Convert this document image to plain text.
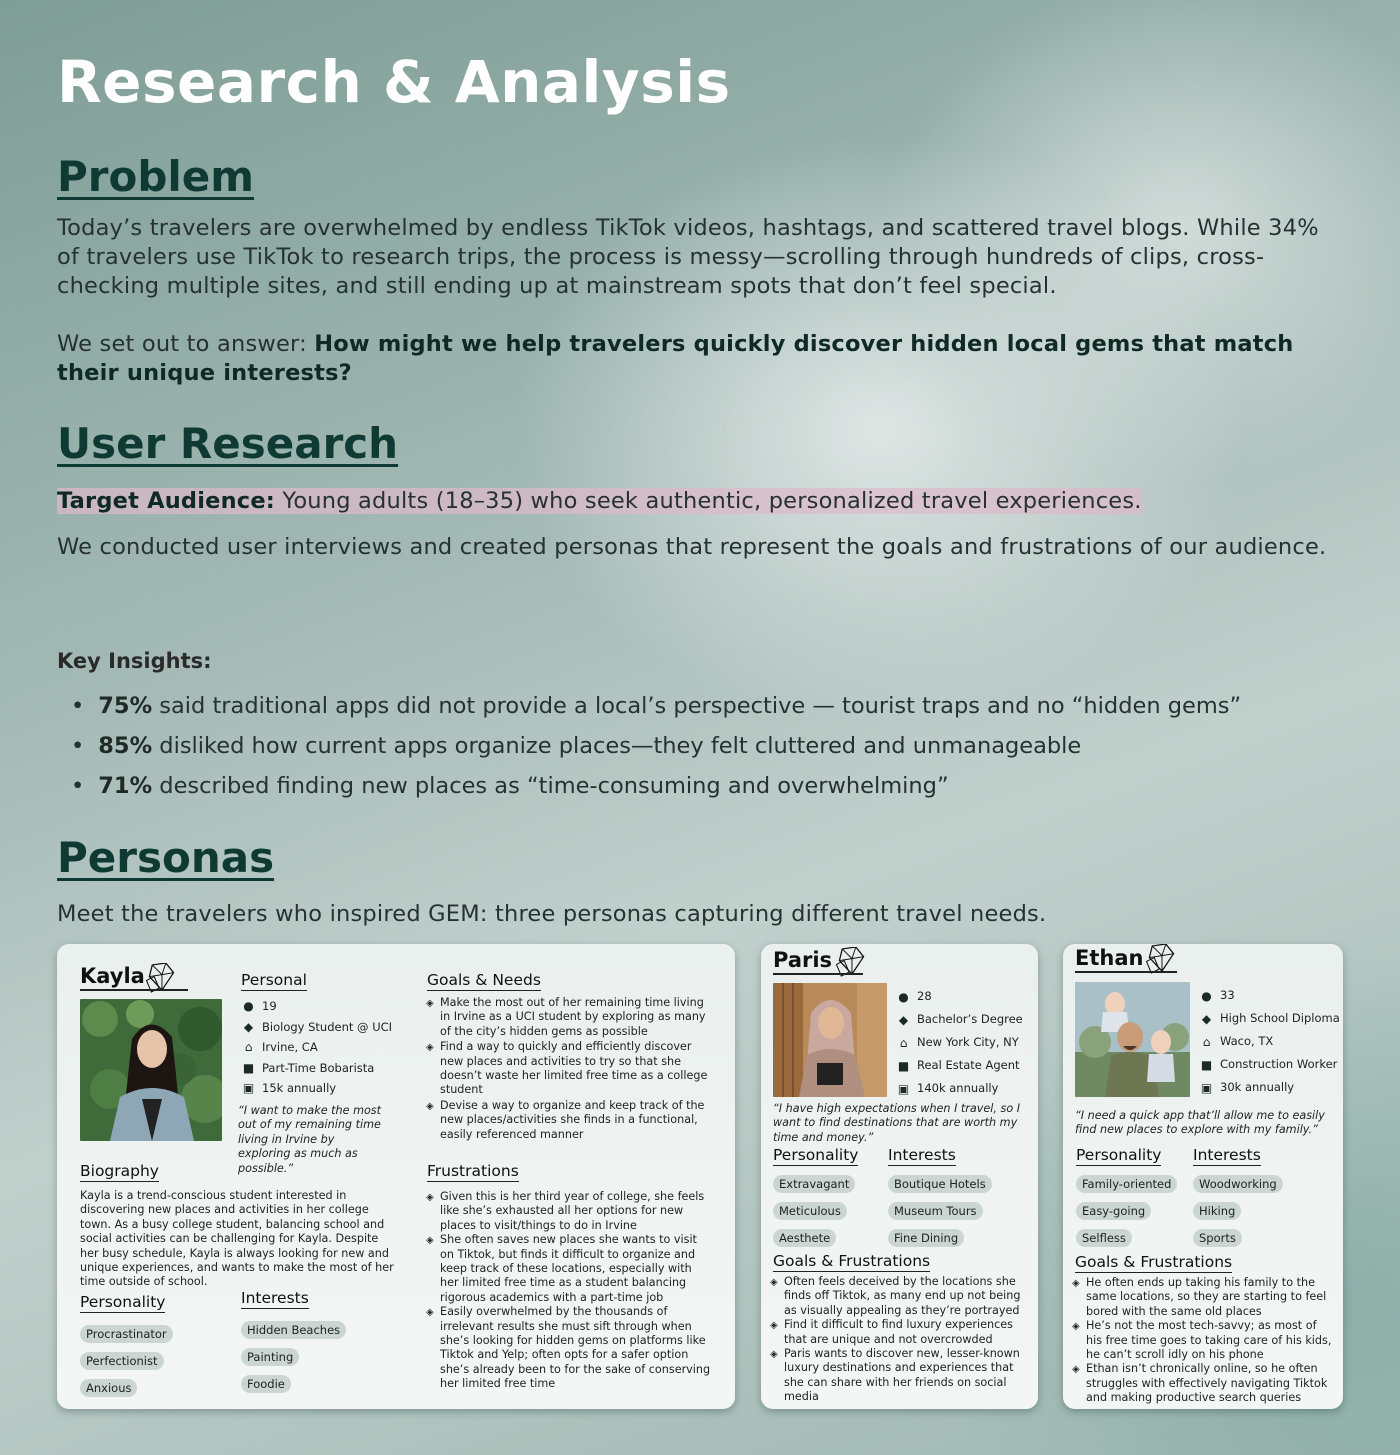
Research & Analysis
Problem

Today’s travelers are overwhelmed by endless TikTok videos, hashtags, and scattered travel blogs. While 34% of travelers use TikTok to research trips, the process is messy—scrolling through hundreds of clips, cross-checking multiple sites, and still ending up at mainstream spots that don’t feel special.

We set out to answer: How might we help travelers quickly discover hidden local gems that match their unique interests?

User Research

Target Audience: Young adults (18–35) who seek authentic, personalized travel experiences.

We conducted user interviews and created personas that represent the goals and frustrations of our audience.

Key Insights:
• 75% said traditional apps did not provide a local’s perspective — tourist traps and no “hidden gems”
• 85% disliked how current apps organize places—they felt cluttered and unmanageable
• 71% described finding new places as “time-consuming and overwhelming”
Personas

Meet the travelers who inspired GEM: three personas capturing different travel needs.

Kayla	Personal
● 19
◆ Biology Student @ UCI
⌂ Irvine, CA
■ Part-Time Bobarista
▣ 15k annually
“I want to make the most out of my remaining time living in Irvine by exploring as much as possible.”
Biography
Kayla is a trend-conscious student interested in discovering new places and activities in her college town. As a busy college student, balancing school and social activities can be challenging for Kayla. Despite her busy schedule, Kayla is always looking for new and unique experiences, and wants to make the most of her time outside of school.
Personality
Procrastinator
Perfectionist
Anxious
Interests
Hidden Beaches
Painting
Foodie
Goals & Needs
◈ Make the most out of her remaining time living in Irvine as a UCI student by exploring as many of the city’s hidden gems as possible
◈ Find a way to quickly and efficiently discover new places and activities to try so that she doesn’t waste her limited free time as a college student
◈ Devise a way to organize and keep track of the new places/activities she finds in a functional, easily referenced manner
Frustrations
◈ Given this is her third year of college, she feels like she’s exhausted all her options for new places to visit/things to do in Irvine
◈ She often saves new places she wants to visit on Tiktok, but finds it difficult to organize and keep track of these locations, especially with her limited free time as a student balancing rigorous academics with a part-time job
◈ Easily overwhelmed by the thousands of irrelevant results she must sift through when she’s looking for hidden gems on platforms like Tiktok and Yelp; often opts for a safer option she’s already been to for the sake of conserving her limited free time
Paris
● 28
◆ Bachelor’s Degree
⌂ New York City, NY
■ Real Estate Agent
▣ 140k annually
“I have high expectations when I travel, so I want to find destinations that are worth my time and money.”
Personality
Extravagant
Meticulous
Aesthete
Interests
Boutique Hotels
Museum Tours
Fine Dining
Goals & Frustrations
◈ Often feels deceived by the locations she finds off Tiktok, as many end up not being as visually appealing as they’re portrayed
◈ Find it difficult to find luxury experiences that are unique and not overcrowded
◈ Paris wants to discover new, lesser-known luxury destinations and experiences that she can share with her friends on social media
Ethan
● 33
◆ High School Diploma
⌂ Waco, TX
■ Construction Worker
▣ 30k annually
“I need a quick app that’ll allow me to easily find new places to explore with my family.”
Personality
Family-oriented
Easy-going
Selfless
Interests
Woodworking
Hiking
Sports
Goals & Frustrations
◈ He often ends up taking his family to the same locations, so they are starting to feel bored with the same old places
◈ He’s not the most tech-savvy; as most of his free time goes to taking care of his kids, he can’t scroll idly on his phone
◈ Ethan isn’t chronically online, so he often struggles with effectively navigating Tiktok and making productive search queries
